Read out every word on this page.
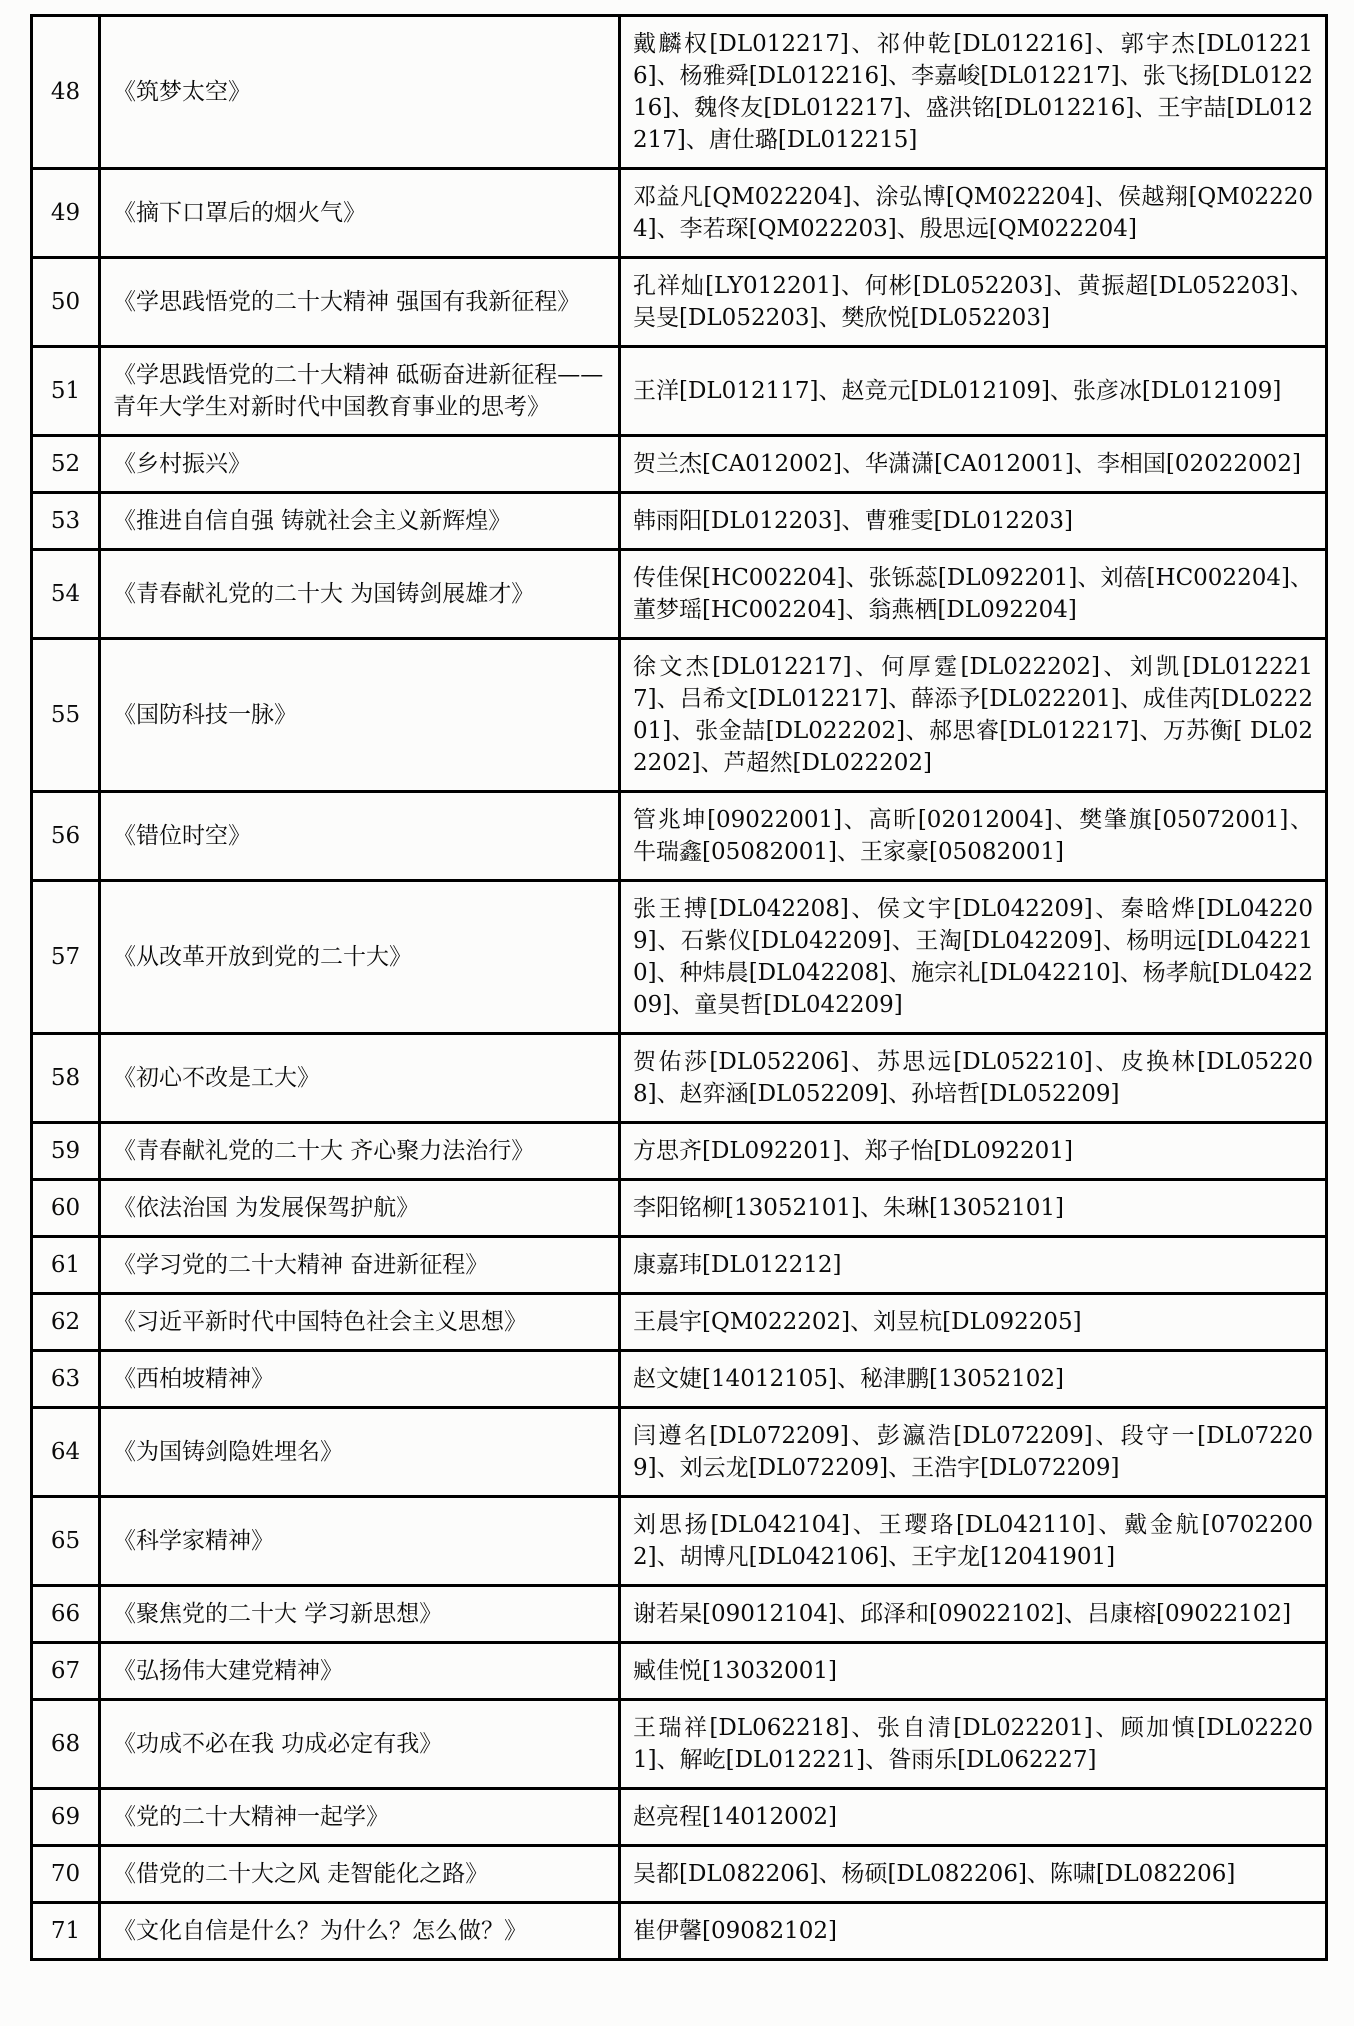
48	《筑梦太空》	戴麟权[DL012217]、祁仲乾[DL012216]、郭宇杰[DL012216]、杨雅舜[DL012216]、李嘉峻[DL012217]、张飞扬[DL012216]、魏佟友[DL012217]、盛洪铭[DL012216]、王宇喆[DL012217]、唐仕璐[DL012215]
49	《摘下口罩后的烟火气》	邓益凡[QM022204]、涂弘博[QM022204]、侯越翔[QM022204]、李若琛[QM022203]、殷思远[QM022204]
50	《学思践悟党的二十大精神 强国有我新征程》	孔祥灿[LY012201]、何彬[DL052203]、黄振超[DL052203]、吴旻[DL052203]、樊欣悦[DL052203]
51	《学思践悟党的二十大精神 砥砺奋进新征程——青年大学生对新时代中国教育事业的思考》	王洋[DL012117]、赵竞元[DL012109]、张彦冰[DL012109]
52	《乡村振兴》	贺兰杰[CA012002]、华潇潇[CA012001]、李相国[02022002]
53	《推进自信自强 铸就社会主义新辉煌》	韩雨阳[DL012203]、曹雅雯[DL012203]
54	《青春献礼党的二十大 为国铸剑展雄才》	传佳保[HC002204]、张铄蕊[DL092201]、刘蓓[HC002204]、董梦瑶[HC002204]、翁燕栖[DL092204]
55	《国防科技一脉》	徐文杰[DL012217]、何厚霆[DL022202]、刘凯[DL0122217]、吕希文[DL012217]、薛添予[DL022201]、成佳芮[DL022201]、张金喆[DL022202]、郝思睿[DL012217]、万苏衡[ DL022202]、芦超然[DL022202]
56	《错位时空》	管兆坤[09022001]、高昕[02012004]、樊肇旗[05072001]、牛瑞鑫[05082001]、王家豪[05082001]
57	《从改革开放到党的二十大》	张王搏[DL042208]、侯文宇[DL042209]、秦晗烨[DL042209]、石紫仪[DL042209]、王淘[DL042209]、杨明远[DL042210]、种炜晨[DL042208]、施宗礼[DL042210]、杨孝航[DL042209]、童昊哲[DL042209]
58	《初心不改是工大》	贺佑莎[DL052206]、苏思远[DL052210]、皮换林[DL052208]、赵弈涵[DL052209]、孙培哲[DL052209]
59	《青春献礼党的二十大 齐心聚力法治行》	方思齐[DL092201]、郑子怡[DL092201]
60	《依法治国 为发展保驾护航》	李阳铭柳[13052101]、朱琳[13052101]
61	《学习党的二十大精神 奋进新征程》	康嘉玮[DL012212]
62	《习近平新时代中国特色社会主义思想》	王晨宇[QM022202]、刘昱杭[DL092205]
63	《西柏坡精神》	赵文婕[14012105]、秘津鹏[13052102]
64	《为国铸剑隐姓埋名》	闫遵名[DL072209]、彭瀛浩[DL072209]、段守一[DL072209]、刘云龙[DL072209]、王浩宇[DL072209]
65	《科学家精神》	刘思扬[DL042104]、王璎珞[DL042110]、戴金航[07022002]、胡博凡[DL042106]、王宇龙[12041901]
66	《聚焦党的二十大 学习新思想》	谢若杲[09012104]、邱泽和[09022102]、吕康榕[09022102]
67	《弘扬伟大建党精神》	臧佳悦[13032001]
68	《功成不必在我 功成必定有我》	王瑞祥[DL062218]、张自清[DL022201]、顾加慎[DL022201]、解屹[DL012221]、昝雨乐[DL062227]
69	《党的二十大精神一起学》	赵亮程[14012002]
70	《借党的二十大之风 走智能化之路》	吴都[DL082206]、杨硕[DL082206]、陈啸[DL082206]
71	《文化自信是什么？为什么？怎么做？》	崔伊馨[09082102]
